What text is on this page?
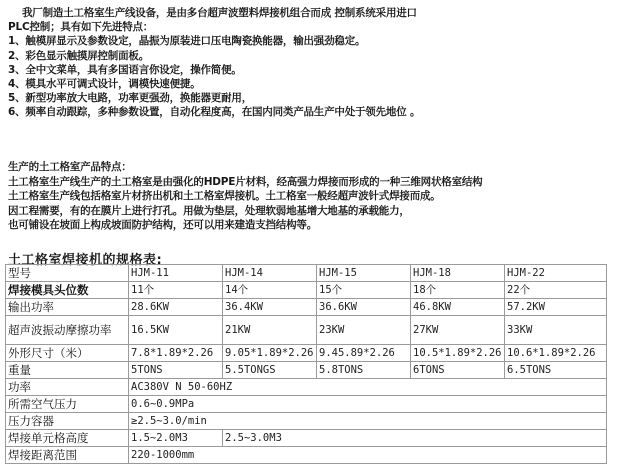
我厂制造土工格室生产线设备，是由多台超声波塑料焊接机组合而成 控制系统采用进口
PLC控制；具有如下先进特点：
1、触模屏显示及参数设定，晶振为原装进口压电陶瓷换能器，输出强劲稳定。
2、彩色显示触摸屏控制面板。
3、全中文菜单，具有多国语言你设定，操作简便。
4、模具水平可调式设计，调模快速便捷。
5、新型功率放大电路，功率更强劲，换能器更耐用，
6、频率自动跟踪，多种参数设置，自动化程度高，在国内同类产品生产中处于领先地位 。
生产的土工格室产品特点：
土工格室生产线生产的土工格室是由强化的HDPE片材料，经高强力焊接而形成的一种三维网状格室结构
土工格室生产线包括格室片材挤出机和土工格室焊接机。土工格室一般经超声波针式焊接而成。
因工程需要，有的在膜片上进行打孔。用做为垫层，处理软弱地基增大地基的承载能力，
也可铺设在坡面上构成坡面防护结构，还可以用来建造支挡结构等。
土工格室焊接机的规格表:
型号	HJM-11	HJM-14	HJM-15	HJM-18	HJM-22
焊接模具头位数	11个	14个	15个	18个	22个
输出功率	28.6KW	36.4KW	36.6KW	46.8KW	57.2KW
超声波振动摩擦功率	16.5KW	21KW	23KW	27KW	33KW
外形尺寸（米）	7.8*1.89*2.26	9.05*1.89*2.26	9.45.89*2.26	10.5*1.89*2.26	10.6*1.89*2.26
重量	5TONS	5.5TONGS	5.8TONS	6TONS	6.5TONS
功率	AC380V N 50-60HZ				
所需空气压力	0.6~0.9MPa				
压力容器	≥2.5~3.0/min				
焊接单元格高度	1.5~2.0M3	2.5~3.0M3			
焊接距离范围	220-1000mm				
